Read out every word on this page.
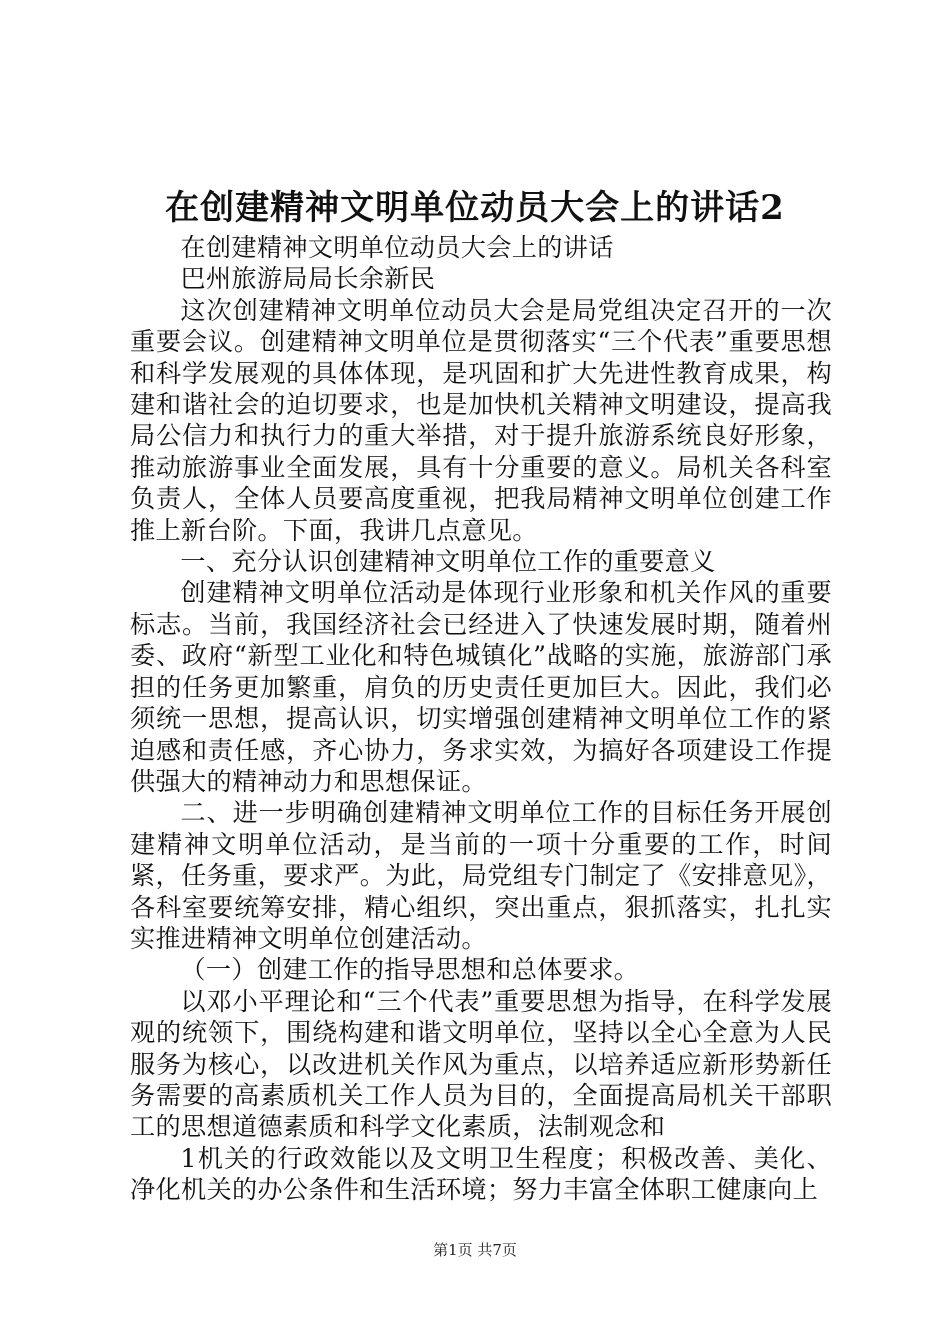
在创建精神文明单位动员大会上的讲话2

在创建精神文明单位动员大会上的讲话

巴州旅游局局长余新民

这次创建精神文明单位动员大会是局党组决定召开的一次重要会议。创建精神文明单位是贯彻落实“三个代表”重要思想和科学发展观的具体体现，是巩固和扩大先进性教育成果，构建和谐社会的迫切要求，也是加快机关精神文明建设，提高我局公信力和执行力的重大举措，对于提升旅游系统良好形象，推动旅游事业全面发展，具有十分重要的意义。局机关各科室负责人，全体人员要高度重视，把我局精神文明单位创建工作推上新台阶。下面，我讲几点意见。

一、充分认识创建精神文明单位工作的重要意义

创建精神文明单位活动是体现行业形象和机关作风的重要标志。当前，我国经济社会已经进入了快速发展时期，随着州委、政府“新型工业化和特色城镇化”战略的实施，旅游部门承担的任务更加繁重，肩负的历史责任更加巨大。因此，我们必须统一思想，提高认识，切实增强创建精神文明单位工作的紧迫感和责任感，齐心协力，务求实效，为搞好各项建设工作提供强大的精神动力和思想保证。

二、进一步明确创建精神文明单位工作的目标任务开展创建精神文明单位活动，是当前的一项十分重要的工作，时间紧，任务重，要求严。为此，局党组专门制定了《安排意见》，各科室要统筹安排，精心组织，突出重点，狠抓落实，扎扎实实推进精神文明单位创建活动。

（一）创建工作的指导思想和总体要求。

以邓小平理论和“三个代表”重要思想为指导，在科学发展观的统领下，围绕构建和谐文明单位，坚持以全心全意为人民服务为核心，以改进机关作风为重点，以培养适应新形势新任务需要的高素质机关工作人员为目的，全面提高局机关干部职工的思想道德素质和科学文化素质，法制观念和

1机关的行政效能以及文明卫生程度；积极改善、美化、净化机关的办公条件和生活环境；努力丰富全体职工健康向上

第1页 共7页
